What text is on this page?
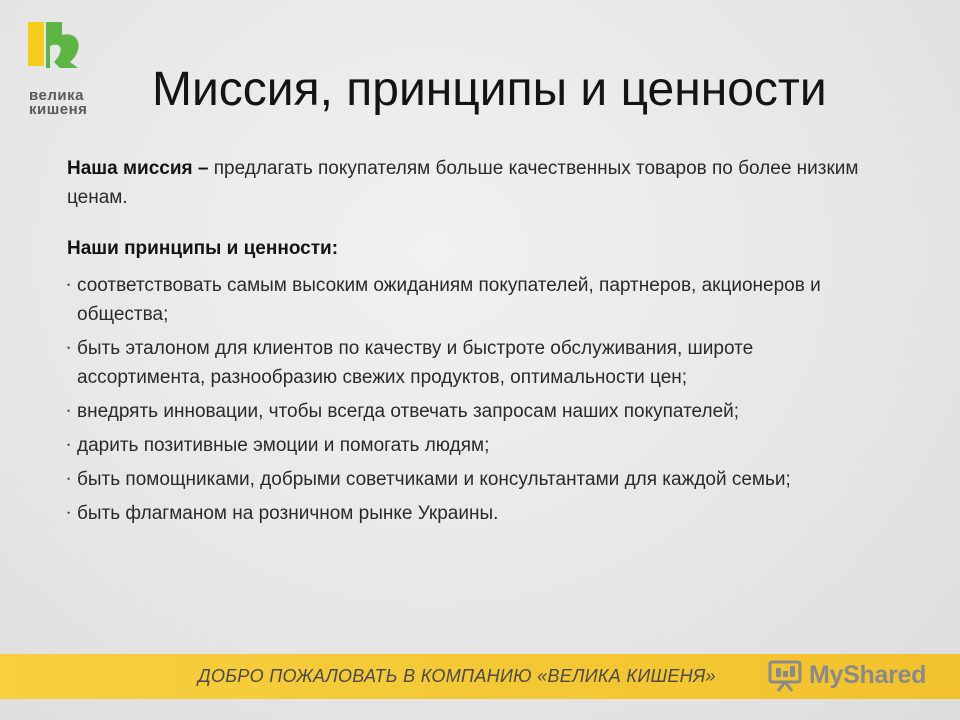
велика
кишеня Миссия, принципы и ценности

Наша миссия – предлагать покупателям больше качественных товаров по более низким ценам.

Наши принципы и ценности:
• соответствовать самым высоким ожиданиям покупателей, партнеров, акционеров и общества;
• быть эталоном для клиентов по качеству и быстроте обслуживания, широте ассортимента, разнообразию свежих продуктов, оптимальности цен;
• внедрять инновации, чтобы всегда отвечать запросам наших покупателей;
• дарить позитивные эмоции и помогать людям;
• быть помощниками, добрыми советчиками и консультантами для каждой семьи;
• быть флагманом на розничном рынке Украины.
ДОБРО ПОЖАЛОВАТЬ В КОМПАНИЮ «ВЕЛИКА КИШЕНЯ»	MyShared
